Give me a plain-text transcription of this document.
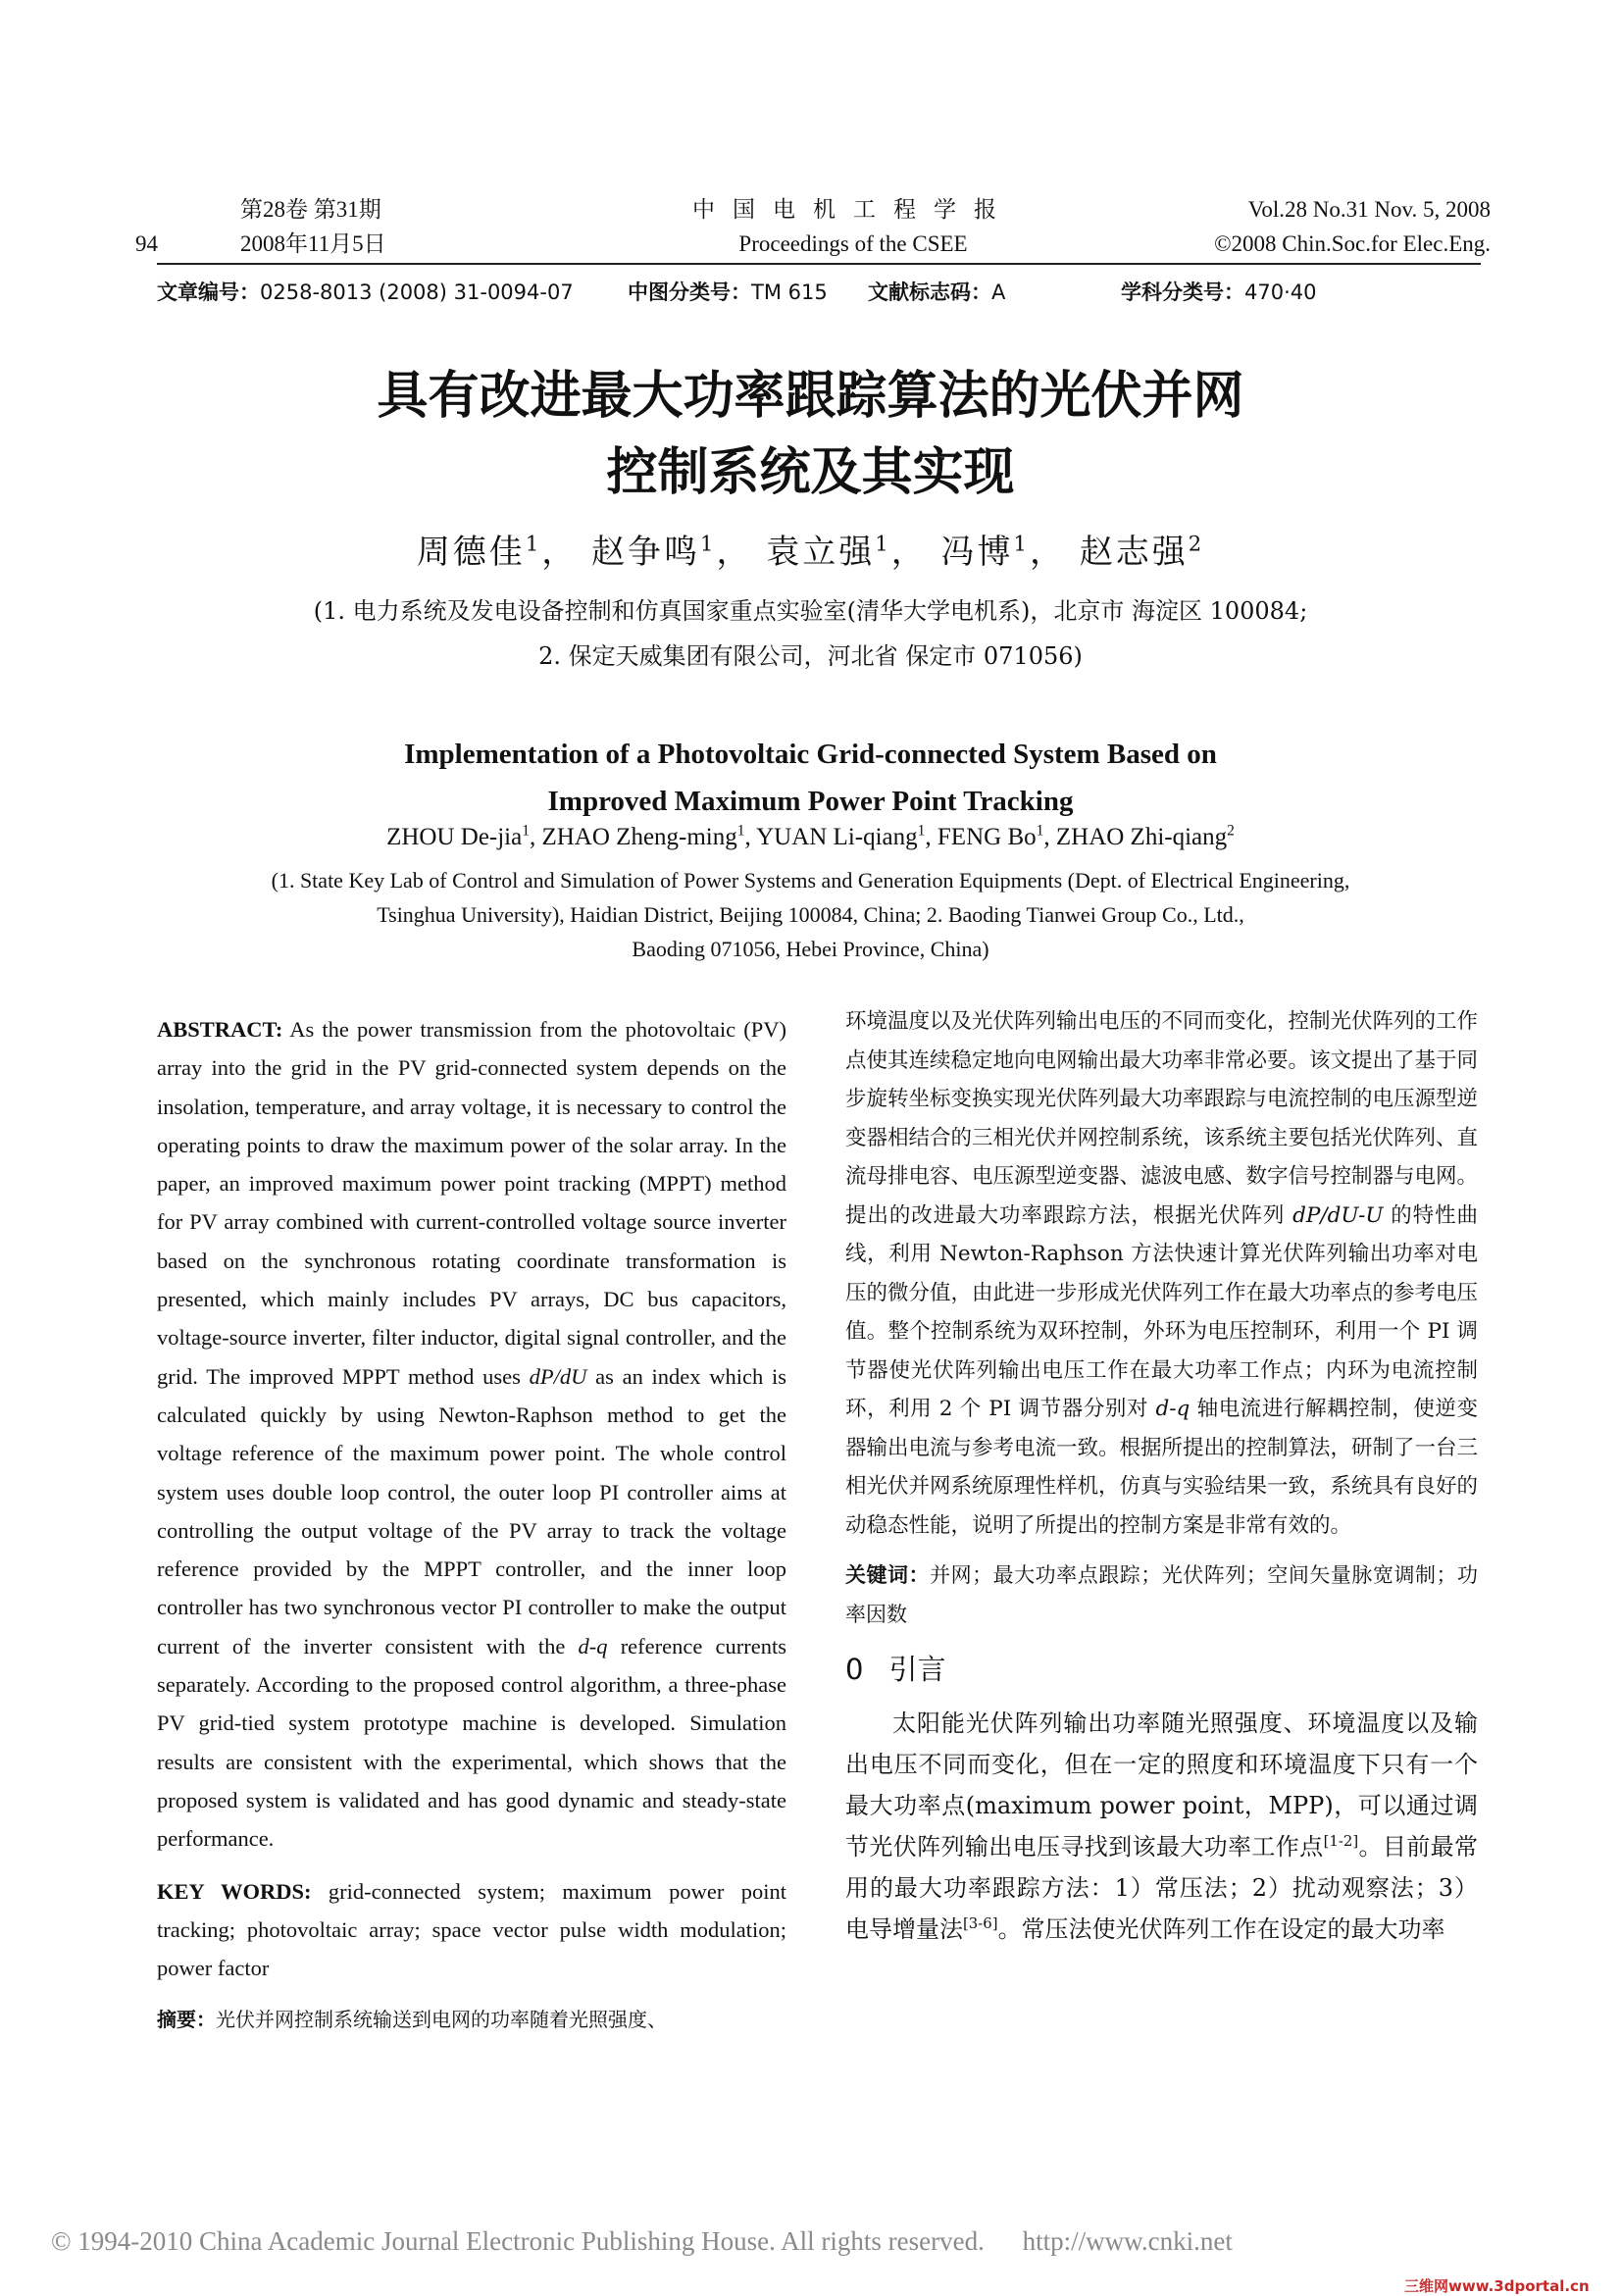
94
第28卷 第31期
2008年11月5日
中国电机工程学报
Proceedings of the CSEE
Vol.28 No.31 Nov. 5, 2008
©2008 Chin.Soc.for Elec.Eng.
文章编号：0258-8013 (2008) 31-0094-07	中图分类号：TM 615 文献标志码：A	学科分类号：470·40
具有改进最大功率跟踪算法的光伏并网
控制系统及其实现
周德佳$^1$， 赵争鸣$^1$， 袁立强$^1$， 冯博$^1$， 赵志强$^2$
(1. 电力系统及发电设备控制和仿真国家重点实验室(清华大学电机系)，北京市 海淀区 100084;
2. 保定天威集团有限公司，河北省 保定市 071056)
Implementation of a Photovoltaic Grid-connected System Based on
Improved Maximum Power Point Tracking
ZHOU De-jia$^1$, ZHAO Zheng-ming$^1$, YUAN Li-qiang$^1$, FENG Bo$^1$, ZHAO Zhi-qiang$^2$
(1. State Key Lab of Control and Simulation of Power Systems and Generation Equipments (Dept. of Electrical Engineering,
Tsinghua University), Haidian District, Beijing 100084, China; 2. Baoding Tianwei Group Co., Ltd.,
Baoding 071056, Hebei Province, China)

ABSTRACT: As the power transmission from the photovoltaic (PV) array into the grid in the PV grid-connected system depends on the insolation, temperature, and array voltage, it is necessary to control the operating points to draw the maximum power of the solar array. In the paper, an improved maximum power point tracking (MPPT) method for PV array combined with current-controlled voltage source inverter based on the synchronous rotating coordinate transformation is presented, which mainly includes PV arrays, DC bus capacitors, voltage-source inverter, filter inductor, digital signal controller, and the grid. The improved MPPT method uses dP/dU as an index which is calculated quickly by using Newton-Raphson method to get the voltage reference of the maximum power point. The whole control system uses double loop control, the outer loop PI controller aims at controlling the output voltage of the PV array to track the voltage reference provided by the MPPT controller, and the inner loop controller has two synchronous vector PI controller to make the output current of the inverter consistent with the d-q reference currents separately. According to the proposed control algorithm, a three-phase PV grid-tied system prototype machine is developed. Simulation results are consistent with the experimental, which shows that the proposed system is validated and has good dynamic and steady-state performance.

KEY WORDS: grid-connected system; maximum power point tracking; photovoltaic array; space vector pulse width modulation; power factor

摘要：光伏并网控制系统输送到电网的功率随着光照强度、

环境温度以及光伏阵列输出电压的不同而变化，控制光伏阵列的工作点使其连续稳定地向电网输出最大功率非常必要。该文提出了基于同步旋转坐标变换实现光伏阵列最大功率跟踪与电流控制的电压源型逆变器相结合的三相光伏并网控制系统，该系统主要包括光伏阵列、直流母排电容、电压源型逆变器、滤波电感、数字信号控制器与电网。提出的改进最大功率跟踪方法，根据光伏阵列 dP/dU-U 的特性曲线，利用 Newton-Raphson 方法快速计算光伏阵列输出功率对电压的微分值，由此进一步形成光伏阵列工作在最大功率点的参考电压值。整个控制系统为双环控制，外环为电压控制环，利用一个 PI 调节器使光伏阵列输出电压工作在最大功率工作点；内环为电流控制环，利用 2 个 PI 调节器分别对 d-q 轴电流进行解耦控制，使逆变器输出电流与参考电流一致。根据所提出的控制算法，研制了一台三相光伏并网系统原理性样机，仿真与实验结果一致，系统具有良好的动稳态性能，说明了所提出的控制方案是非常有效的。

关键词：并网；最大功率点跟踪；光伏阵列；空间矢量脉宽调制；功率因数

0 引言

太阳能光伏阵列输出功率随光照强度、环境温度以及输出电压不同而变化，但在一定的照度和环境温度下只有一个最大功率点(maximum power point，MPP)，可以通过调节光伏阵列输出电压寻找到该最大功率工作点[1-2]。目前最常用的最大功率跟踪方法：1）常压法；2）扰动观察法；3）电导增量法[3-6]。常压法使光伏阵列工作在设定的最大功率

© 1994-2010 China Academic Journal Electronic Publishing House. All rights reserved. http://www.cnki.net
三维网www.3dportal.cn
